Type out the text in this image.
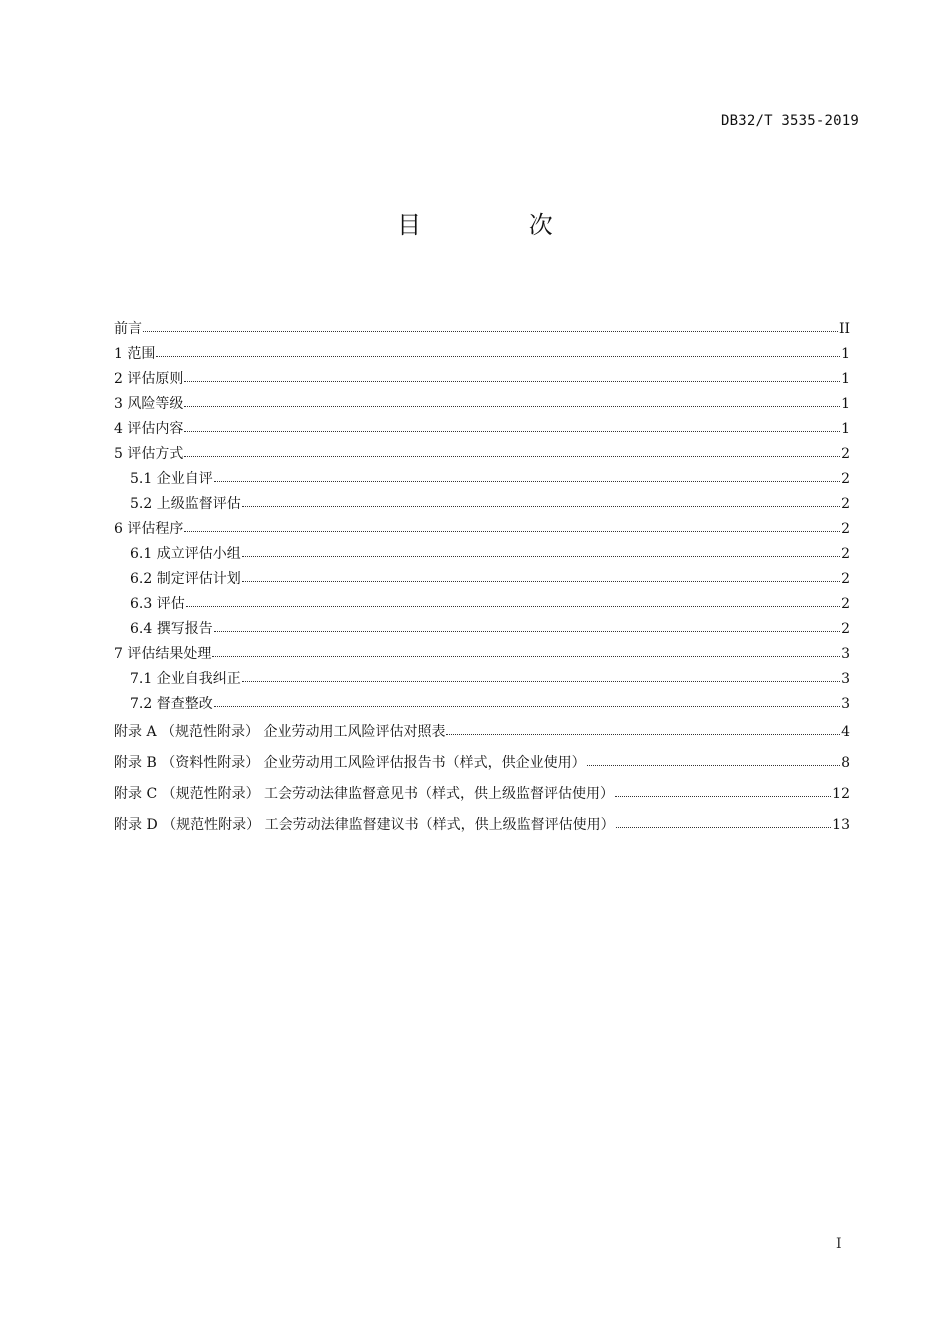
DB32/T 3535-2019
目 次
前言	II
1 范围	1
2 评估原则	1
3 风险等级	1
4 评估内容	1
5 评估方式	2
5.1 企业自评	2
5.2 上级监督评估	2
6 评估程序	2
6.1 成立评估小组	2
6.2 制定评估计划	2
6.3 评估	2
6.4 撰写报告	2
7 评估结果处理	3
7.1 企业自我纠正	3
7.2 督查整改	3
附录 A （规范性附录） 企业劳动用工风险评估对照表	4
附录 B （资料性附录） 企业劳动用工风险评估报告书（样式，供企业使用）	8
附录 C （规范性附录） 工会劳动法律监督意见书（样式，供上级监督评估使用）	12
附录 D （规范性附录） 工会劳动法律监督建议书（样式，供上级监督评估使用）	13
I
